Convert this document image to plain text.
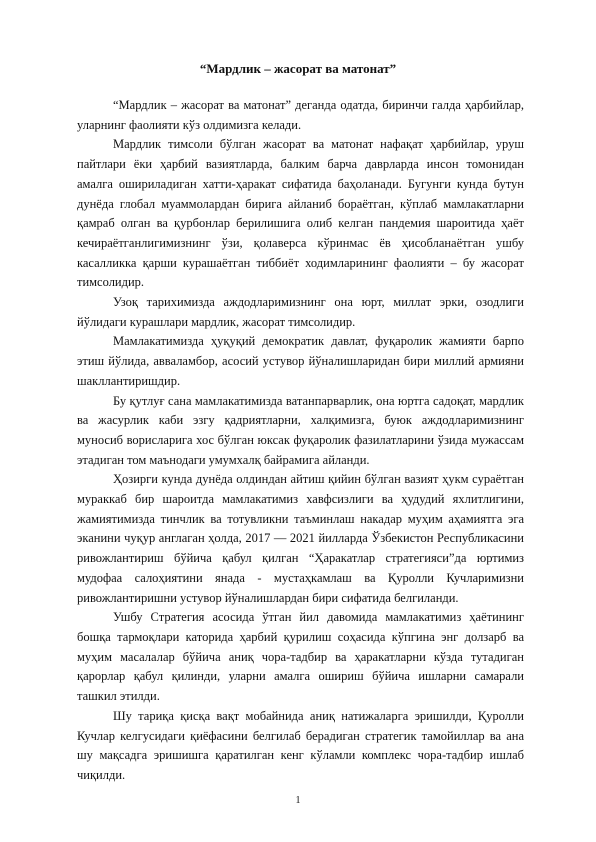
“Мардлик – жасорат ва матонат”

“Мардлик – жасорат ва матонат” деганда одатда, биринчи галда ҳарбийлар, уларнинг фаолияти кўз олдимизга келади.

Мардлик тимсоли бўлган жасорат ва матонат нафақат ҳарбийлар, уруш пайтлари ёки ҳарбий вазиятларда, балким барча даврларда инсон томонидан амалга ошириладиган хатти-ҳаракат сифатида баҳоланади. Бугунги кунда бутун дунёда глобал муаммолардан бирига айланиб бораётган, кўплаб мамлакатларни қамраб олган ва қурбонлар берилишига олиб келган пандемия шароитида ҳаёт кечираётганлигимизнинг ўзи, қолаверса кўринмас ёв ҳисобланаётган ушбу касалликка қарши курашаётган тиббиёт ходимларининг фаолияти – бу жасорат тимсолидир.

Узоқ тарихимизда аждодларимизнинг она юрт, миллат эрки, озодлиги йўлидаги курашлари мардлик, жасорат тимсолидир.

Мамлакатимизда ҳуқуқий демократик давлат, фуқаролик жамияти барпо этиш йўлида, авваламбор, асосий устувор йўналишларидан бири миллий армияни шакллантиришдир.

Бу қутлуғ сана мамлакатимизда ватанпарварлик, она юртга садоқат, мардлик ва жасурлик каби эзгу қадриятларни, халқимизга, буюк аждодларимизнинг муносиб ворисларига хос бўлган юксак фуқаролик фазилатларини ўзида мужассам этадиган том маънодаги умумхалқ байрамига айланди.

Ҳозирги кунда дунёда олдиндан айтиш қийин бўлган вазият ҳукм сураётган мураккаб бир шароитда мамлакатимиз хавфсизлиги ва ҳудудий яхлитлигини, жамиятимизда тинчлик ва тотувликни таъминлаш накадар муҳим аҳамиятга эга эканини чуқур англаган ҳолда, 2017 — 2021 йилларда Ўзбекистон Республикасини ривожлантириш бўйича қабул қилган “Ҳаракатлар стратегияси”да юртимиз мудофаа салоҳиятини янада - мустаҳкамлаш ва Қуролли Кучларимизни ривожлантиришни устувор йўналишлардан бири сифатида белгиланди.

Ушбу Стратегия асосида ўтган йил давомида мамлакатимиз ҳаётининг бошқа тармоқлари каторида ҳарбий қурилиш соҳасида кўпгина энг долзарб ва муҳим масалалар бўйича аниқ чора-тадбир ва ҳаракатларни кўзда тутадиган қарорлар қабул қилинди, уларни амалга ошириш бўйича ишларни самарали ташкил этилди.

Шу тариқа қисқа вақт мобайнида аниқ натижаларга эришилди, Қуролли Кучлар келгусидаги қиёфасини белгилаб берадиган стратегик тамойиллар ва ана шу мақсадга эришишга қаратилган кенг кўламли комплекс чора-тадбир ишлаб чиқилди.

1
